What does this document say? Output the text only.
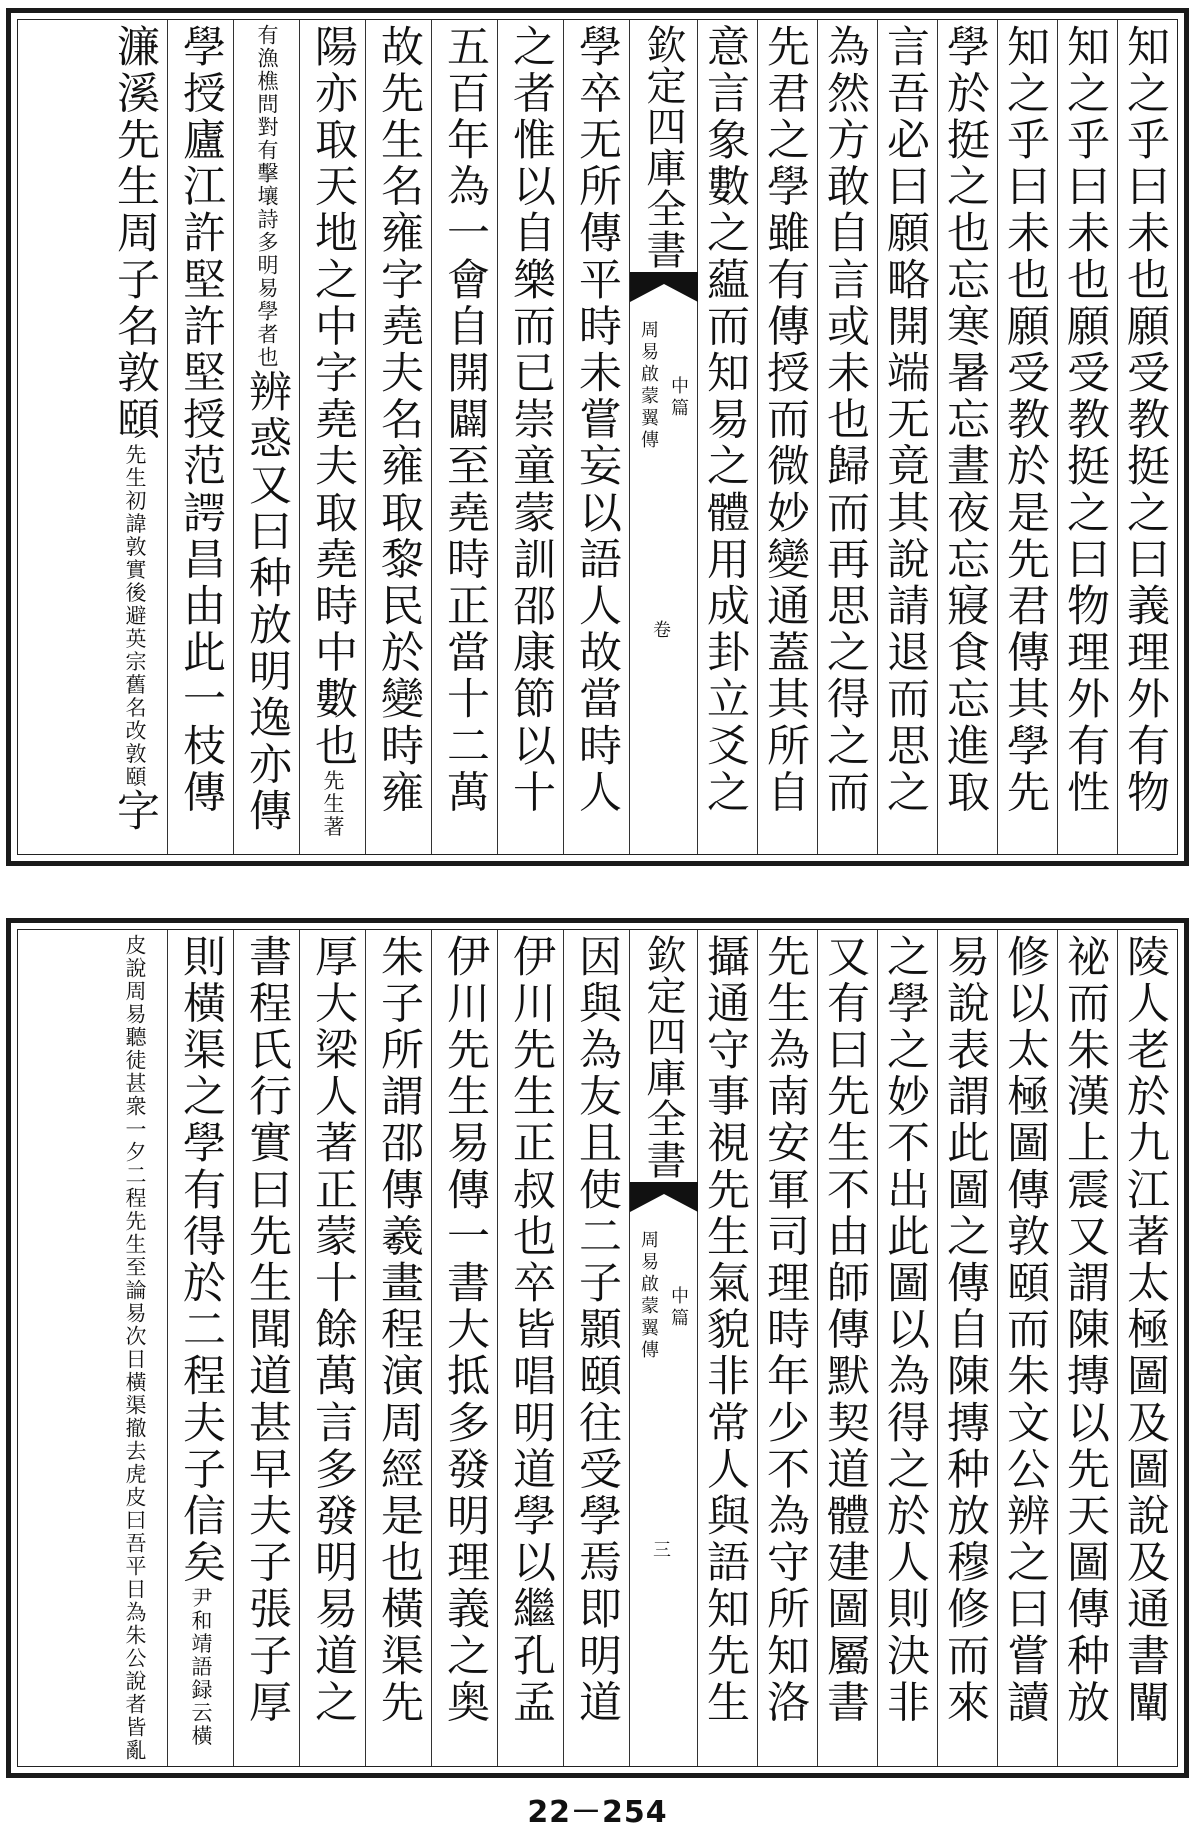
知之乎曰未也願受教挺之曰義理外有物
知之乎曰未也願受教挺之曰物理外有性
知之乎曰未也願受教於是先君傳其學先
學於挺之也忘寒暑忘晝夜忘寢食忘進取
言吾必曰願略開端无竟其說請退而思之
為然方敢自言或未也歸而再思之得之而
先君之學雖有傳授而微妙變通蓋其所自
意言象數之藴而知易之體用成卦立爻之
欽定四庫全書
周易啟蒙翼傳 中篇
卷
學卒无所傳平時未嘗妄以語人故當時人
之者惟以自樂而已崇童蒙訓邵康節以十
五百年為一會自開闢至堯時正當十二萬
故先生名雍字堯夫名雍取黎民於變時雍
陽亦取天地之中字堯夫取堯時中數也先生著
有漁樵問對有擊壤詩多明易學者也辨惑又曰种放明逸亦傳
學授廬江許堅許堅授范諤昌由此一枝傳
濂溪先生周子名敦頤先生初諱敦實後避英宗舊名改敦頤字
陵人老於九江著太極圖及圖說及通書闡
祕而朱漢上震又謂陳摶以先天圖傳种放
修以太極圖傳敦頤而朱文公辨之曰嘗讀
易說表謂此圖之傳自陳摶种放穆修而來
之學之妙不出此圖以為得之於人則決非
又有曰先生不由師傳默契道體建圖屬書
先生為南安軍司理時年少不為守所知洛
攝通守事視先生氣貌非常人與語知先生
欽定四庫全書
周易啟蒙翼傳 中篇
三
因與為友且使二子顥頤往受學焉即明道
伊川先生正叔也卒皆唱明道學以繼孔孟
伊川先生易傳一書大抵多發明理義之奥
朱子所謂邵傳羲畫程演周經是也橫渠先
厚大梁人著正蒙十餘萬言多發明易道之
書程氏行實曰先生聞道甚早夫子張子厚
則橫渠之學有得於二程夫子信矣尹和靖語録云橫
皮說周易聽徒甚衆一夕二程先生至論易次日橫渠撤去虎皮曰吾平日為朱公說者皆亂
22－254
